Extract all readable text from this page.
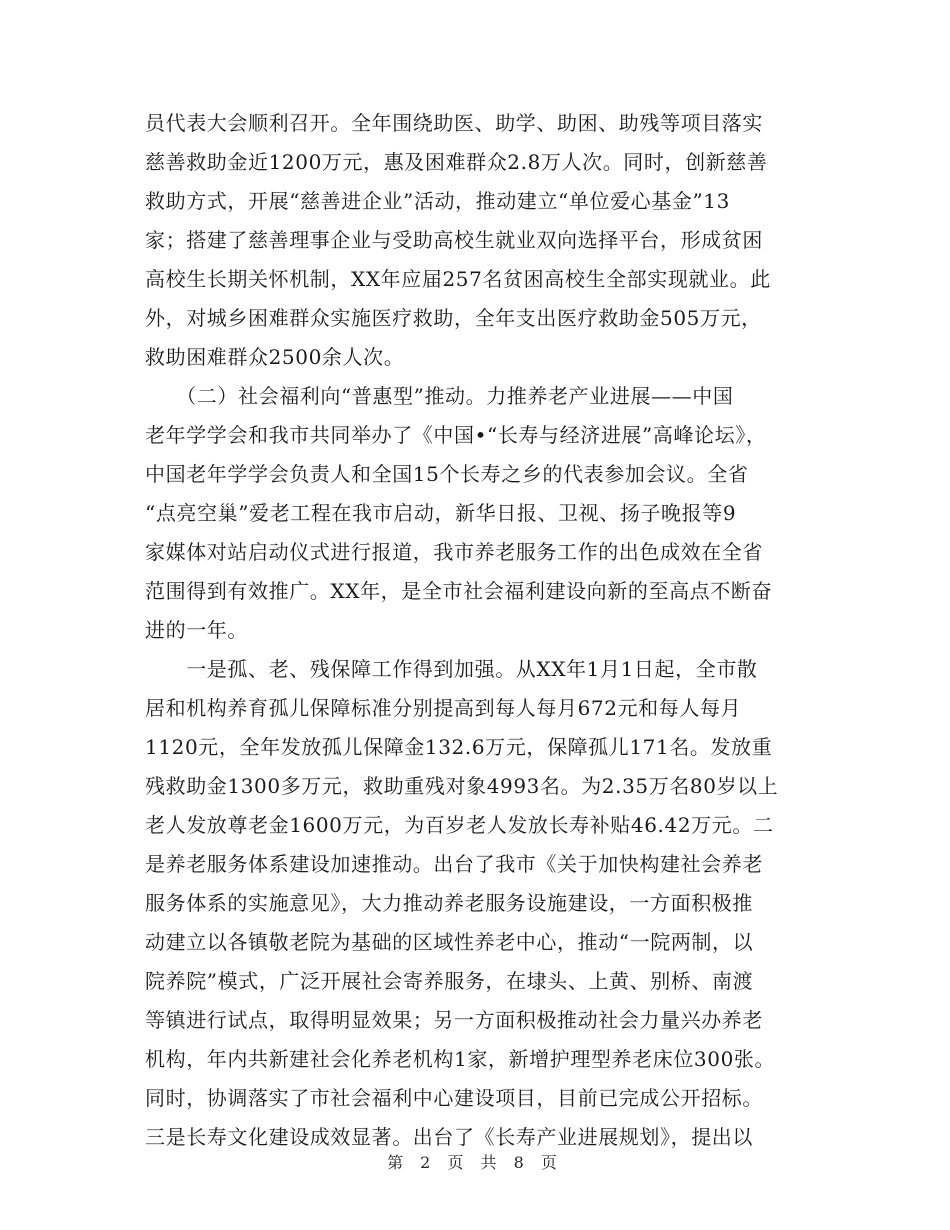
员代表大会顺利召开。全年围绕助医、助学、助困、助残等项目落实
慈善救助金近1200万元，惠及困难群众2.8万人次。同时，创新慈善
救助方式，开展“慈善进企业”活动，推动建立“单位爱心基金”13
家；搭建了慈善理事企业与受助高校生就业双向选择平台，形成贫困
高校生长期关怀机制，XX年应届257名贫困高校生全部实现就业。此
外，对城乡困难群众实施医疗救助，全年支出医疗救助金505万元，
救助困难群众2500余人次。
　　（二）社会福利向“普惠型”推动。力推养老产业进展——中国
老年学学会和我市共同举办了《中国•“长寿与经济进展”高峰论坛》，
中国老年学学会负责人和全国15个长寿之乡的代表参加会议。全省
“点亮空巢”爱老工程在我市启动，新华日报、卫视、扬子晚报等9
家媒体对站启动仪式进行报道，我市养老服务工作的出色成效在全省
范围得到有效推广。XX年，是全市社会福利建设向新的至高点不断奋
进的一年。
　　一是孤、老、残保障工作得到加强。从XX年1月1日起，全市散
居和机构养育孤儿保障标准分别提高到每人每月672元和每人每月
1120元，全年发放孤儿保障金132.6万元，保障孤儿171名。发放重
残救助金1300多万元，救助重残对象4993名。为2.35万名80岁以上
老人发放尊老金1600万元，为百岁老人发放长寿补贴46.42万元。二
是养老服务体系建设加速推动。出台了我市《关于加快构建社会养老
服务体系的实施意见》，大力推动养老服务设施建设，一方面积极推
动建立以各镇敬老院为基础的区域性养老中心，推动“一院两制，以
院养院”模式，广泛开展社会寄养服务，在埭头、上黄、别桥、南渡
等镇进行试点，取得明显效果；另一方面积极推动社会力量兴办养老
机构，年内共新建社会化养老机构1家，新增护理型养老床位300张。
同时，协调落实了市社会福利中心建设项目，目前已完成公开招标。
三是长寿文化建设成效显著。出台了《长寿产业进展规划》，提出以
第 2 页 共 8 页
